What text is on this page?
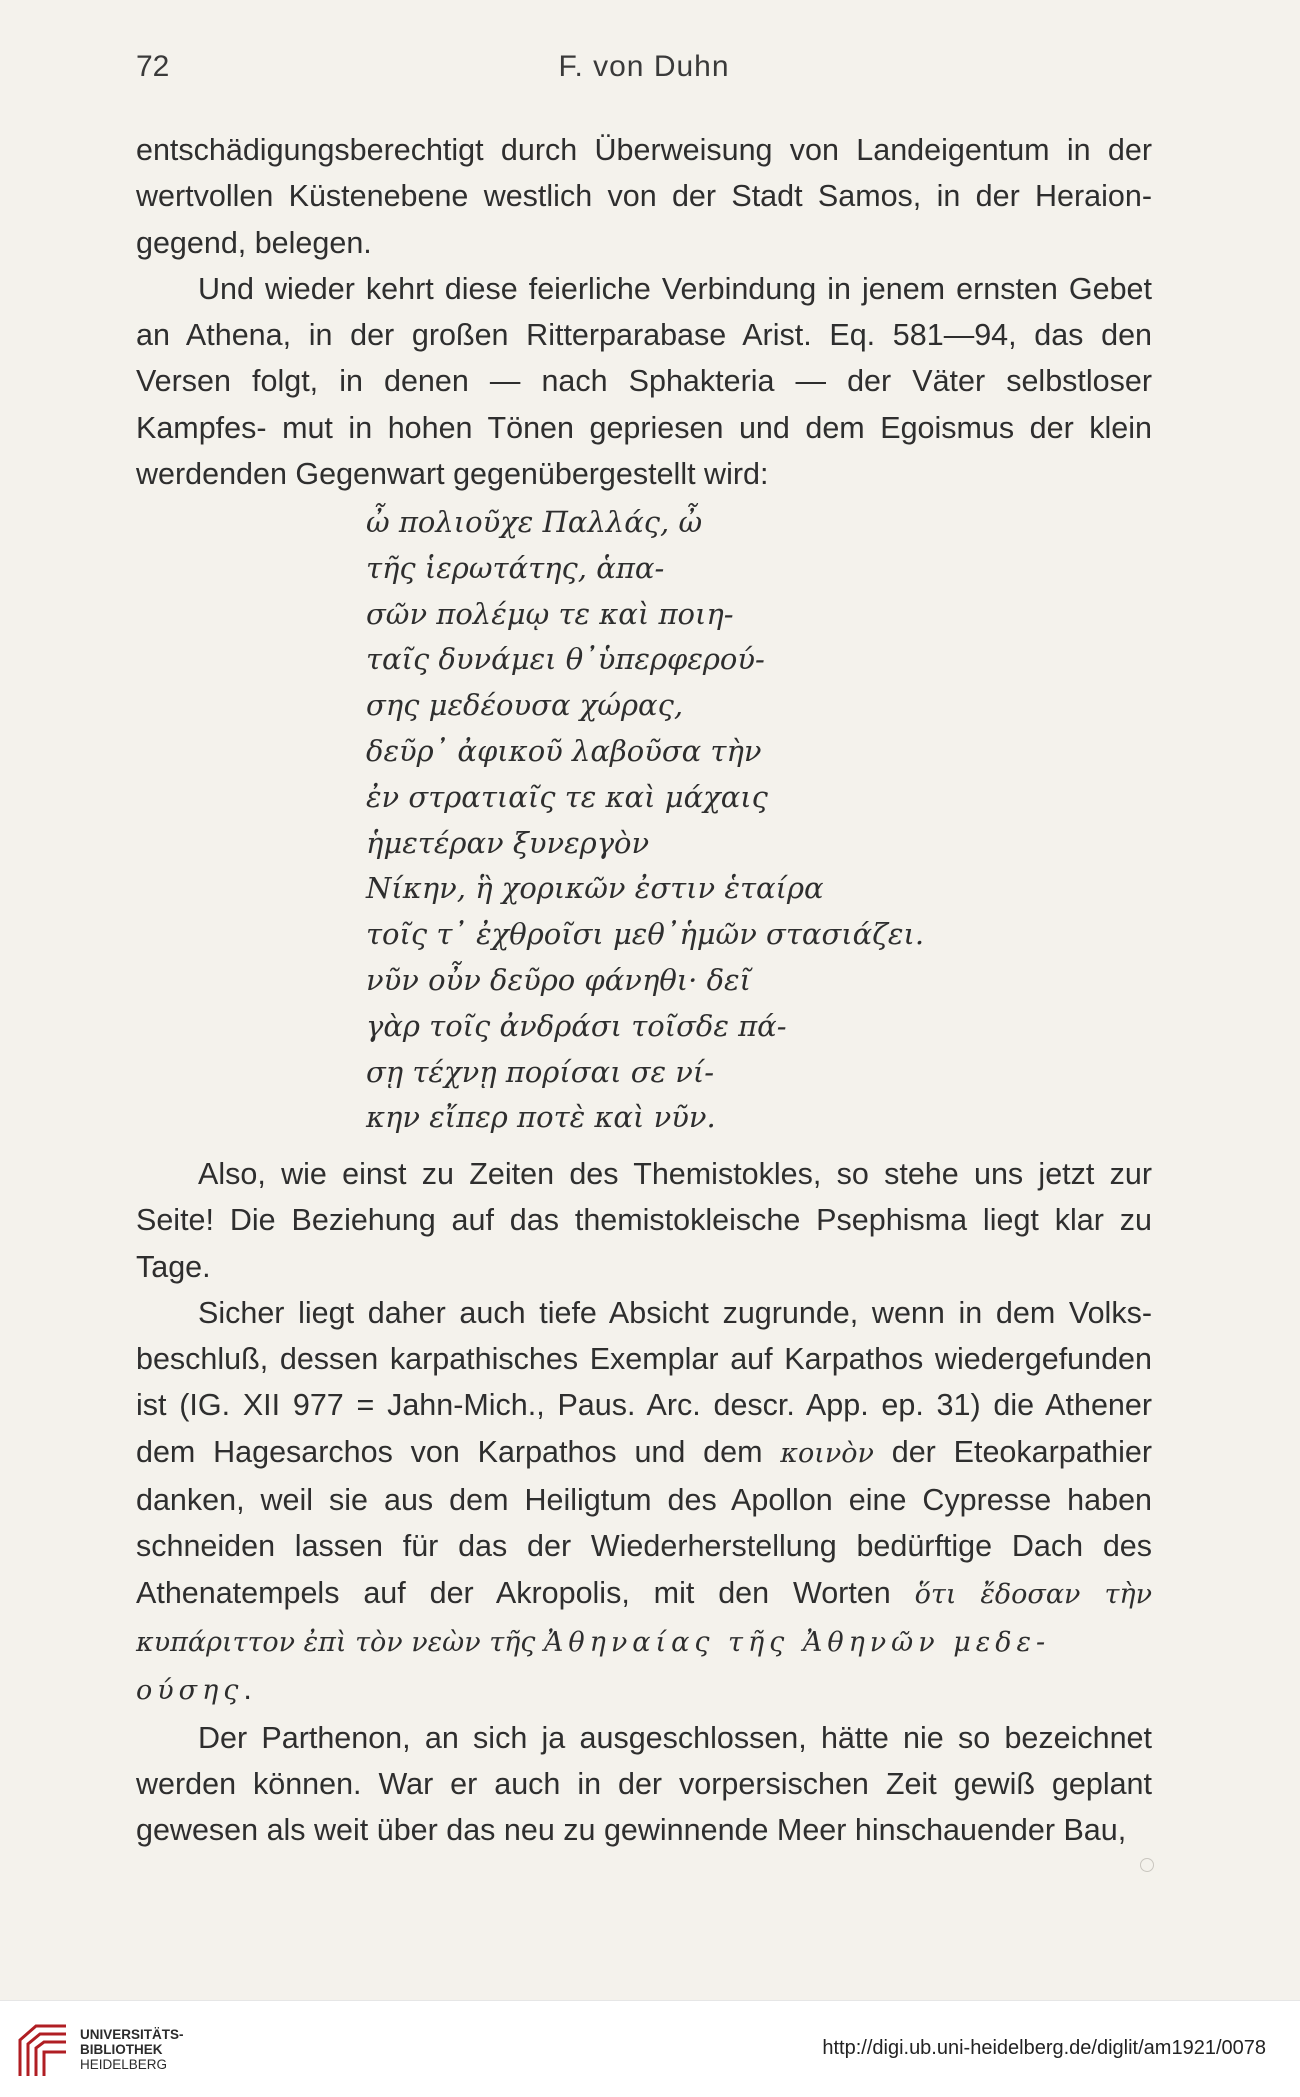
72	F. von Duhn

entschädigungsberechtigt durch Überweisung von Landeigentum in der wertvollen Küstenebene westlich von der Stadt Samos, in der Heraion- gegend, belegen.

Und wieder kehrt diese feierliche Verbindung in jenem ernsten Gebet an Athena, in der großen Ritterparabase Arist. Eq. 581—94, das den Versen folgt, in denen — nach Sphakteria — der Väter selbstloser Kampfes- mut in hohen Tönen gepriesen und dem Egoismus der klein werdenden Gegenwart gegenübergestellt wird:

ὦ πολιοῦχε Παλλάς, ὦ
τῆς ἱερωτάτης, ἁπα-
σῶν πολέμῳ τε καὶ ποιη-
ταῖς δυνάμει θ᾽ὑπερφερού-
σης μεδέουσα χώρας,
δεῦρ᾽ ἀφικοῦ λαβοῦσα τὴν
ἐν στρατιαῖς τε καὶ μάχαις
ἡμετέραν ξυνεργὸν
Νίκην, ἣ χορικῶν ἐστιν ἑταίρα
τοῖς τ᾽ ἐχθροῖσι μεθ᾽ἡμῶν στασιάζει.
νῦν οὖν δεῦρο φάνηθι· δεῖ
γὰρ τοῖς ἀνδράσι τοῖσδε πά-
σῃ τέχνῃ πορίσαι σε νί-
κην εἴπερ ποτὲ καὶ νῦν.

Also, wie einst zu Zeiten des Themistokles, so stehe uns jetzt zur Seite! Die Beziehung auf das themistokleische Psephisma liegt klar zu Tage.

Sicher liegt daher auch tiefe Absicht zugrunde, wenn in dem Volks- beschluß, dessen karpathisches Exemplar auf Karpathos wiedergefunden ist (IG. XII 977 = Jahn-Mich., Paus. Arc. descr. App. ep. 31) die Athener dem Hagesarchos von Karpathos und dem κοινὸν der Eteokarpathier danken, weil sie aus dem Heiligtum des Apollon eine Cypresse haben schneiden lassen für das der Wiederherstellung bedürftige Dach des Athenatempels auf der Akropolis, mit den Worten ὅτι ἔδοσαν τὴν κυπάριττον ἐπὶ τὸν νεὼν τῆς Ἀθηναίας τῆς Ἀθηνῶν μεδε-
ούσης.

Der Parthenon, an sich ja ausgeschlossen, hätte nie so bezeichnet werden können. War er auch in der vorpersischen Zeit gewiß geplant gewesen als weit über das neu zu gewinnende Meer hinschauender Bau,

UNIVERSITÄTS-
BIBLIOTHEK
HEIDELBERG
http://digi.ub.uni-heidelberg.de/diglit/am1921/0078
